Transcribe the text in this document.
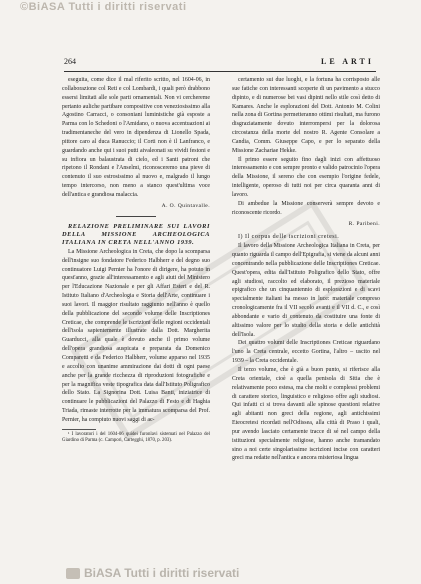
©BiASA Tutti i diritti riservati
264	LE ARTI

eseguita, come dice il mal riferito scritto, nel 1604-06, in collaborazione col Reti e col Lombardi, i quali però drabbono essersi limitati alle sole parti ornamentali. Non vi cerchereme pertanto auliche partibare compositive con veneziosissimo alla Agostino Carracci, o consoniani luministiche già esposte a Parma con lo Schedoni o l'Amidano, o nuova accentuazioni ai tradimentaneche del vero in dipendenza di Lionello Spada, pittore caro al duca Ranuccio; il Corti non è il Lanfranco, e guardando anche qui i suoi putti aivaleonati su vividi festoni e su infiora un balaustrata di cielo, ed i Santi patroni che ripetono il Rondani e l'Anselmi, riconosceremo una pieve di contenuto il suo estrosissimo al nuovo e, malgrado il lungo tempo intercorso, non meno a stanco quest'ultima voce dell'antica e grandiosa malaccia.

A. O. Quintavalle.

RELAZIONE PRELIMINARE SUI LAVORI DELLA MISSIONE ARCHEOLOGICA ITALIANA IN CRETA NELL'ANNO 1939.

La Missione Archeologica in Creta, che dopo la scomparsa dell'insigne suo fondatore Federico Halbherr e del degno suo continuatore Luigi Pernier ha l'onore di dirigere, ha potuto in quest'anno, grazie all'interessamento e agli aiuti del Ministero per l'Educazione Nazionale e per gli Affari Esteri e del R. Istituto Italiano d'Archeologia e Storia dell'Arte, continuare i suoi lavori. Il maggior risultato raggiunto nell'anno è quello della pubblicazione del secondo volume delle Inscriptiones Creticae, che comprende le iscrizioni delle regioni occidentali dell'isola sapientemente illustrate dalla Dott. Margherita Guarducci, alla quale è dovuto anche il primo volume dell'opera grandiosa auspicata e preparata da Domenico Comparetti e da Federico Halbherr, volume apparso nel 1935 e accolto con unanime ammirazione dai dotti di ogni paese anche per la grande ricchezza di riproduzioni fotografiche e per la magnifica veste tipografica data dall'Istituto Poligrafico dello Stato. La Signorina Dott. Luisa Banti, iniziatrice di continuare le pubblicazioni del Palazzo di Festo e di Haghia Triada, rimaste interrotte per la immatura scomparsa del Prof. Pernier, ha compiuto nuovi saggi di ac-

¹ I lavoratori i del 1604-06 quidei furonlavi sistemati nel Palazzo del Giardino di Parma (c. Campori, Cartegghi, 1870, p. 203).

certamento sui due luoghi, e la fortuna ha corrisposto alle sue fatiche con interessanti scoperte di un pavimento a stucco dipinto, e di numerose bei vasi dipinti nello stile così detto di Kamares. Anche le esplorazioni del Dott. Antonio M. Colini nella zona di Gortina permetteranno ottimi risultati, ma furono disgraziatamente dovuto interrompersi per la dolorosa circostanza della morte del nostro R. Agente Consolare a Candia, Comm. Giuseppe Capo, e per lo separato della Missione Zachariae Hekke.

Il primo essere seguito fino dagli inizi con affettuoso interessamento e con sempre pronto e valido patrocinio l'opera della Missione, il sereno che con esempio l'origine fedele, intelligente, operoso di tutti noi per circa quaranta anni di lavoro.

Di ambedue la Missione conserverà sempre devoto e riconoscente ricordo.

R. Paribeni.

I) Il corpus delle iscrizioni cretesi.

Il lavoro della Missione Archeologica Italiana in Creta, per quanto riguarda il campo dell'Epigrafia, si viene da alcuni anni concentrando nella pubblicazione delle Inscriptiones Creticae. Quest'opera, edita dall'Istituto Poligrafico dello Stato, offre agli studiosi, raccolto ed elaborato, il prezioso materiale epigrafico che un cinquantennio di esplorazioni e di scavi specialmente italiani ha messo in luce: materiale compreso cronologicamente fra il VII secolo avanti e il VII d. C., e così abbondante e vario di contenuto da costituire una fonte di altissimo valore per lo studio della storia e delle antichità dell'Isola.

Dei quattro volumi delle Inscriptiones Creticae riguardano l'uno la Creta centrale, eccetto Gortina, l'altro – uscito nel 1939 – la Creta occidentale.

Il terzo volume, che è già a buon punto, si riferisce alla Creta orientale, cioè a quella penisola di Sitia che è relativamente poco estesa, ma che molti e complessi problemi di carattere storico, linguistico e religioso offre agli studiosi. Qui infatti ci si trova davanti alle spinose questioni relative agli abitanti non greci della regione, agli antichissimi Eteocretesi ricordati nell'Odissea, alla città di Praso i quali, pur avendo lasciato certamente tracce di sé nel campo della istituzioni specialmente religiose, hanno anche tramandato sino a noi certe singolarissime iscrizioni incise con caratteri greci ma redatte nell'antica e ancora misteriosa lingua

BiASA Tutti i diritti riservati
